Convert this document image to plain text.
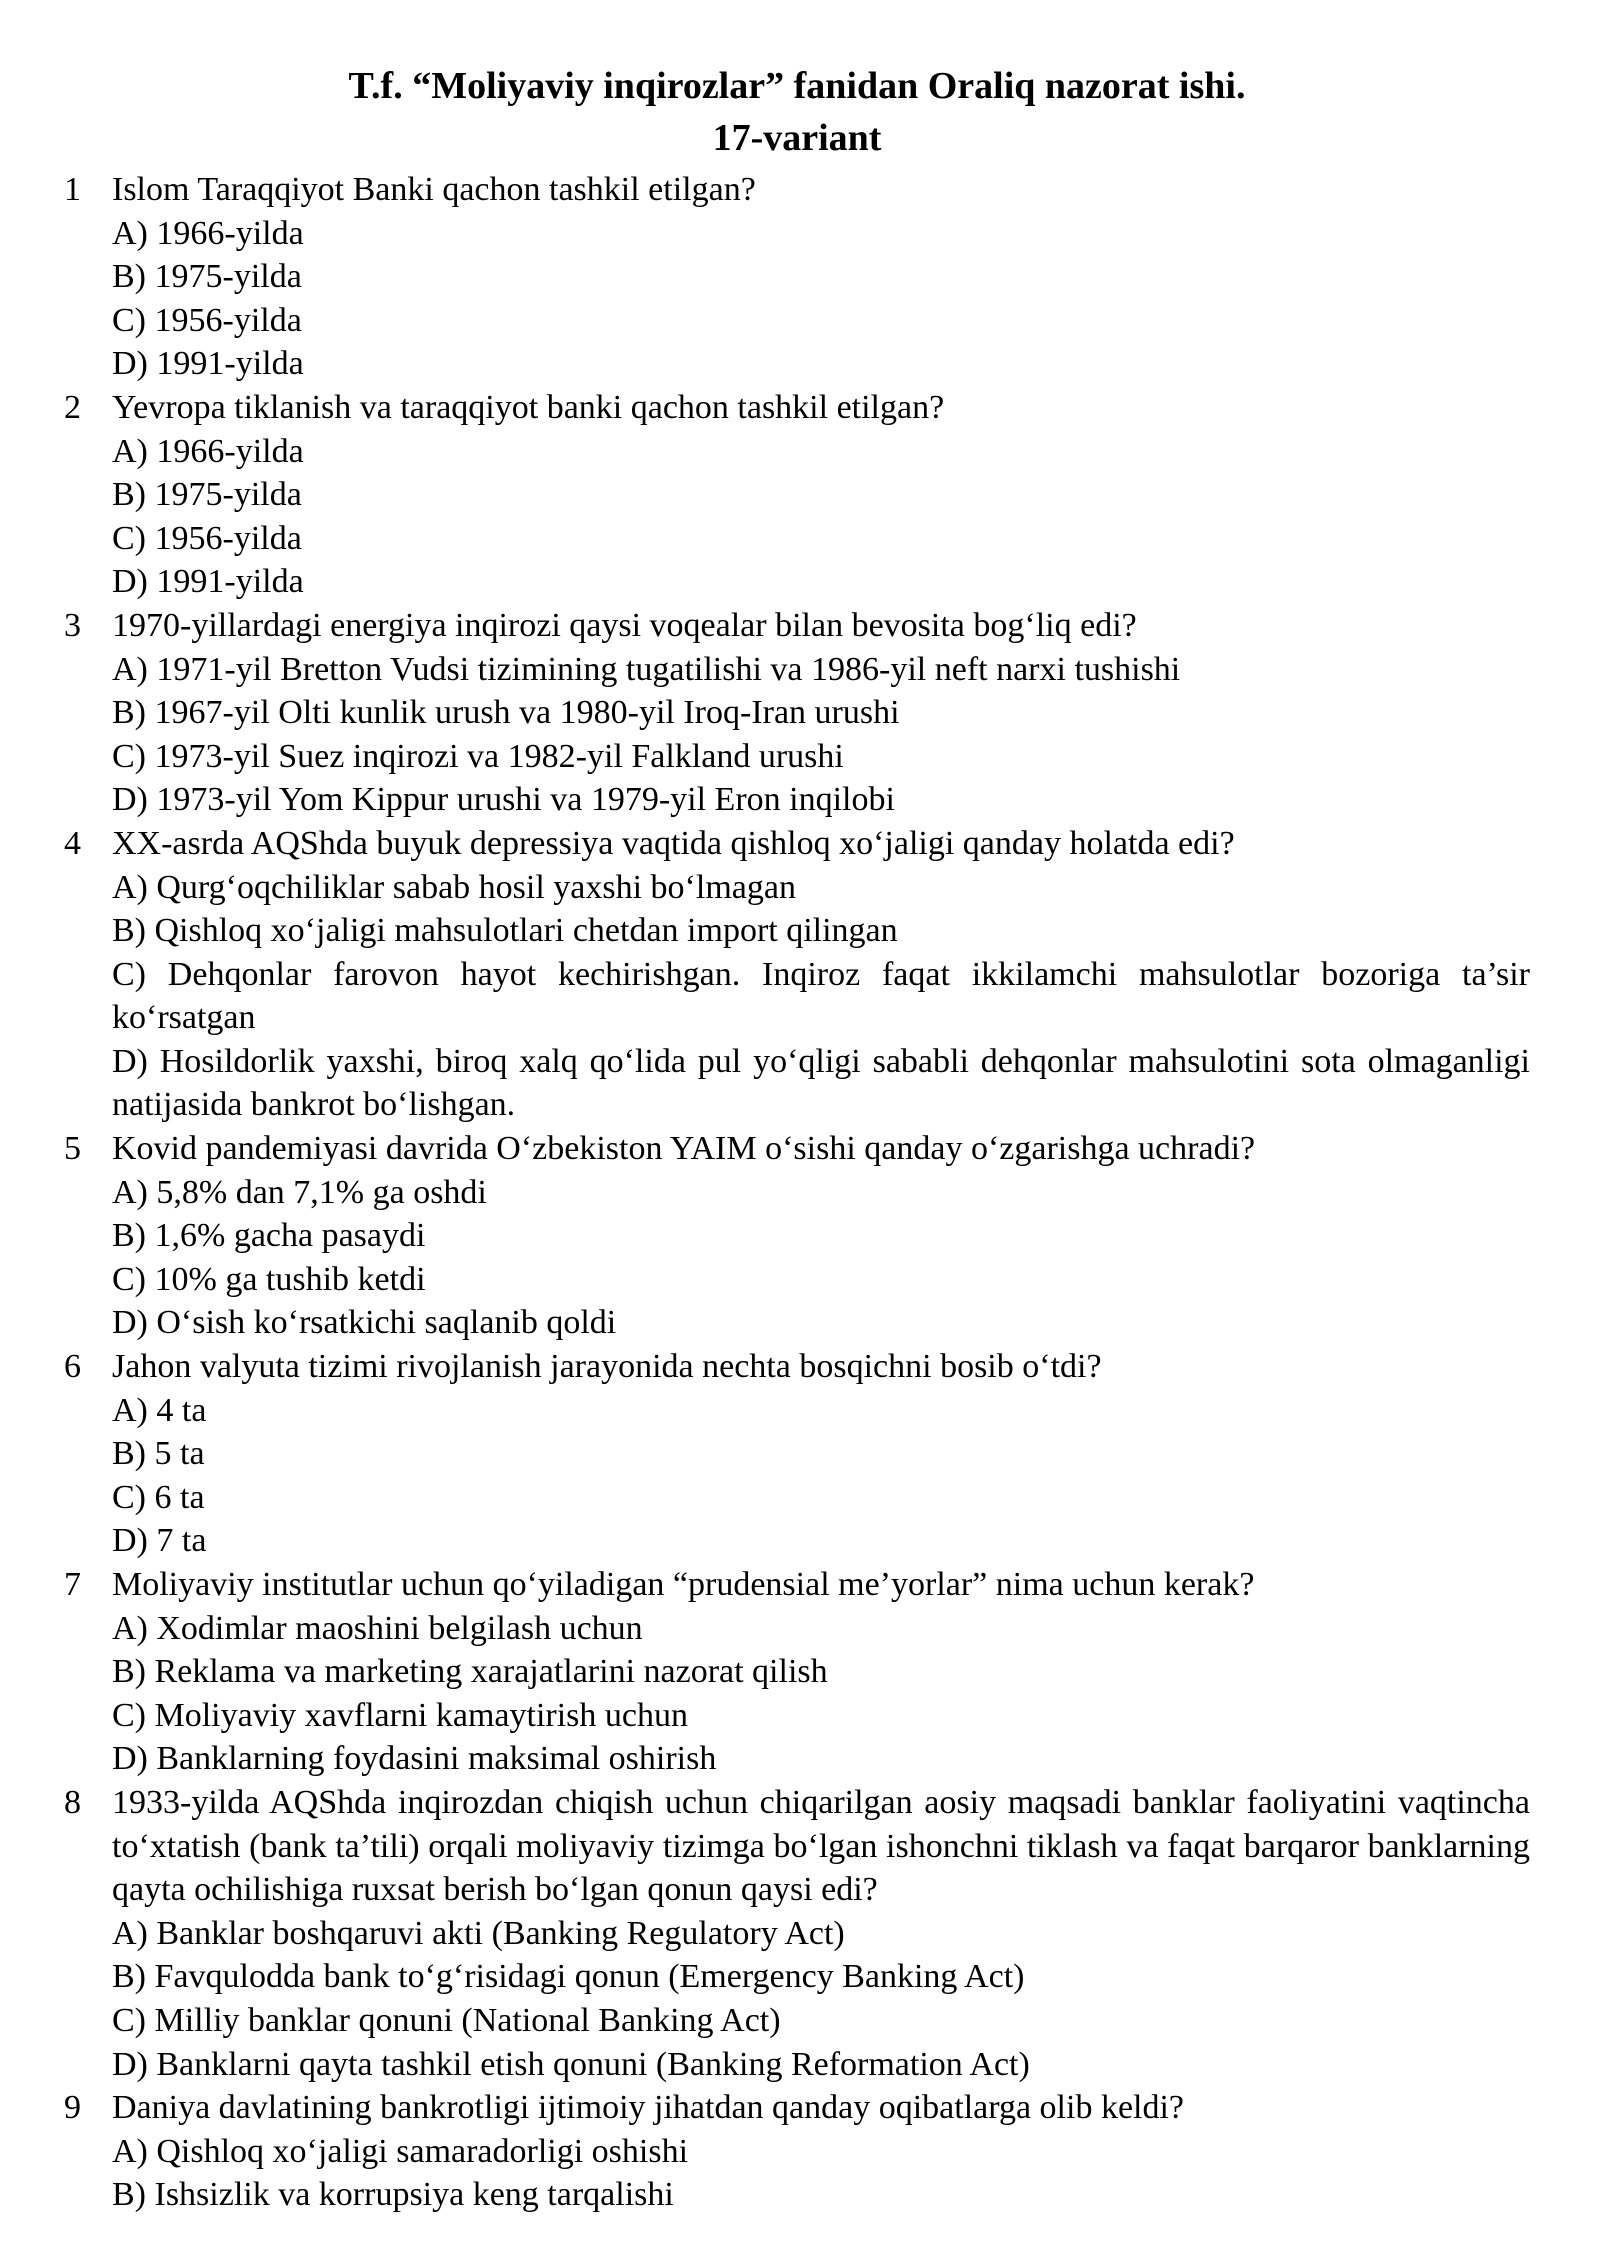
T.f. “Moliyaviy inqirozlar” fanidan Oraliq nazorat ishi.
17-variant
1 Islom Taraqqiyot Banki qachon tashkil etilgan?
A) 1966-yilda
B) 1975-yilda
C) 1956-yilda
D) 1991-yilda
2 Yevropa tiklanish va taraqqiyot banki qachon tashkil etilgan?
A) 1966-yilda
B) 1975-yilda
C) 1956-yilda
D) 1991-yilda
3 1970-yillardagi energiya inqirozi qaysi voqealar bilan bevosita bog‘liq edi?
A) 1971-yil Bretton Vudsi tizimining tugatilishi va 1986-yil neft narxi tushishi
B) 1967-yil Olti kunlik urush va 1980-yil Iroq-Iran urushi
C) 1973-yil Suez inqirozi va 1982-yil Falkland urushi
D) 1973-yil Yom Kippur urushi va 1979-yil Eron inqilobi
4 XX-asrda AQShda buyuk depressiya vaqtida qishloq xo‘jaligi qanday holatda edi?
A) Qurg‘oqchiliklar sabab hosil yaxshi bo‘lmagan
B) Qishloq xo‘jaligi mahsulotlari chetdan import qilingan
C) Dehqonlar farovon hayot kechirishgan. Inqiroz faqat ikkilamchi mahsulotlar bozoriga ta’sir ko‘rsatgan
D) Hosildorlik yaxshi, biroq xalq qo‘lida pul yo‘qligi sababli dehqonlar mahsulotini sota olmaganligi natijasida bankrot bo‘lishgan.
5 Kovid pandemiyasi davrida O‘zbekiston YAIM o‘sishi qanday o‘zgarishga uchradi?
A) 5,8% dan 7,1% ga oshdi
B) 1,6% gacha pasaydi
C) 10% ga tushib ketdi
D) O‘sish ko‘rsatkichi saqlanib qoldi
6 Jahon valyuta tizimi rivojlanish jarayonida nechta bosqichni bosib o‘tdi?
A) 4 ta
B) 5 ta
C) 6 ta
D) 7 ta
7 Moliyaviy institutlar uchun qo‘yiladigan “prudensial me’yorlar” nima uchun kerak?
A) Xodimlar maoshini belgilash uchun
B) Reklama va marketing xarajatlarini nazorat qilish
C) Moliyaviy xavflarni kamaytirish uchun
D) Banklarning foydasini maksimal oshirish
8 1933-yilda AQShda inqirozdan chiqish uchun chiqarilgan aosiy maqsadi banklar faoliyatini vaqtincha to‘xtatish (bank ta’tili) orqali moliyaviy tizimga bo‘lgan ishonchni tiklash va faqat barqaror banklarning qayta ochilishiga ruxsat berish bo‘lgan qonun qaysi edi?
A) Banklar boshqaruvi akti (Banking Regulatory Act)
B) Favqulodda bank to‘g‘risidagi qonun (Emergency Banking Act)
C) Milliy banklar qonuni (National Banking Act)
D) Banklarni qayta tashkil etish qonuni (Banking Reformation Act)
9 Daniya davlatining bankrotligi ijtimoiy jihatdan qanday oqibatlarga olib keldi?
A) Qishloq xo‘jaligi samaradorligi oshishi
B) Ishsizlik va korrupsiya keng tarqalishi
